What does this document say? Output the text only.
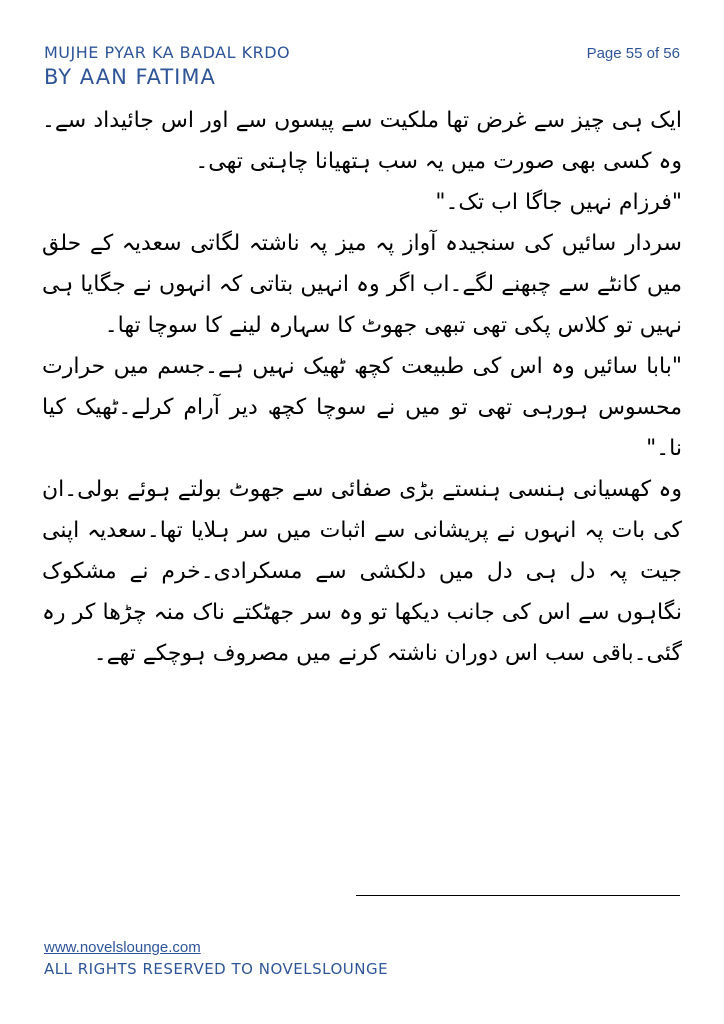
MUJHE PYAR KA BADAL KRDO
BY AAN FATIMA
Page 55 of 56

ایک ہی چیز سے غرض تھا ملکیت سے پیسوں سے اور اس جائیداد سے۔وہ کسی بھی صورت میں یہ سب ہتھیانا چاہتی تھی۔

"فرزام نہیں جاگا اب تک۔"

سردار سائیں کی سنجیدہ آواز پہ میز پہ ناشتہ لگاتی سعدیہ کے حلق میں کانٹے سے چبھنے لگے۔اب اگر وہ انہیں بتاتی کہ انہوں نے جگایا ہی نہیں تو کلاس پکی تھی تبھی جھوٹ کا سہارہ لینے کا سوچا تھا۔

"بابا سائیں وہ اس کی طبیعت کچھ ٹھیک نہیں ہے۔جسم میں حرارت محسوس ہورہی تھی تو میں نے سوچا کچھ دیر آرام کرلے۔ٹھیک کیا نا۔"

وہ کھسیانی ہنسی ہنستے بڑی صفائی سے جھوٹ بولتے ہوئے بولی۔ان کی بات پہ انہوں نے پریشانی سے اثبات میں سر ہلایا تھا۔سعدیہ اپنی جیت پہ دل ہی دل میں دلکشی سے مسکرادی۔خرم نے مشکوک نگاہوں سے اس کی جانب دیکھا تو وہ سر جھٹکتے ناک منہ چڑھا کر رہ گئی۔باقی سب اس دوران ناشتہ کرنے میں مصروف ہوچکے تھے۔

www.novelslounge.com
ALL RIGHTS RESERVED TO NOVELSLOUNGE
